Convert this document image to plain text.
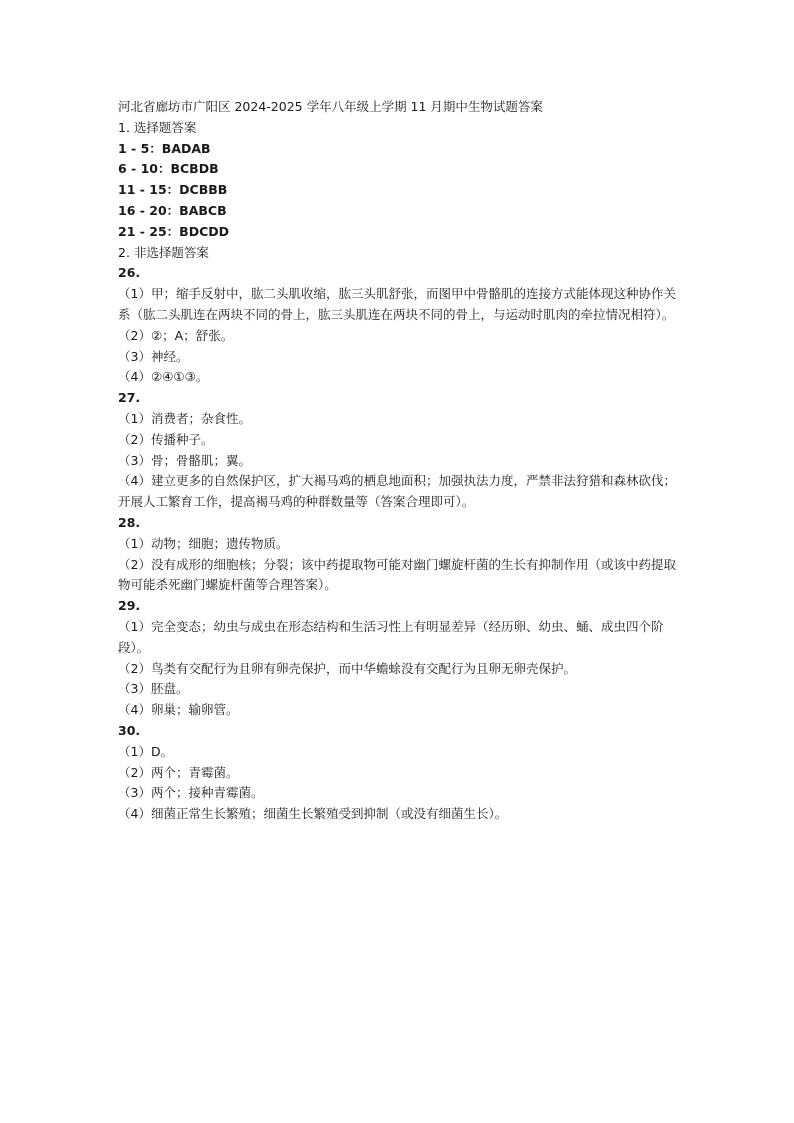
河北省廊坊市广阳区 2024-2025 学年八年级上学期 11 月期中生物试题答案
1. 选择题答案
1 - 5：BADAB
6 - 10：BCBDB
11 - 15：DCBBB
16 - 20：BABCB
21 - 25：BDCDD
2. 非选择题答案
26.
（1）甲；缩手反射中，肱二头肌收缩，肱三头肌舒张，而图甲中骨骼肌的连接方式能体现这种协作关系（肱二头肌连在两块不同的骨上，肱三头肌连在两块不同的骨上，与运动时肌肉的牵拉情况相符）。
（2）②；A；舒张。
（3）神经。
（4）②④①③。
27.
（1）消费者；杂食性。
（2）传播种子。
（3）骨；骨骼肌；翼。
（4）建立更多的自然保护区，扩大褐马鸡的栖息地面积；加强执法力度，严禁非法狩猎和森林砍伐；开展人工繁育工作，提高褐马鸡的种群数量等（答案合理即可）。
28.
（1）动物；细胞；遗传物质。
（2）没有成形的细胞核；分裂；该中药提取物可能对幽门螺旋杆菌的生长有抑制作用（或该中药提取物可能杀死幽门螺旋杆菌等合理答案）。
29.
（1）完全变态；幼虫与成虫在形态结构和生活习性上有明显差异（经历卵、幼虫、蛹、成虫四个阶段）。
（2）鸟类有交配行为且卵有卵壳保护，而中华蟾蜍没有交配行为且卵无卵壳保护。
（3）胚盘。
（4）卵巢；输卵管。
30.
（1）D。
（2）两个；青霉菌。
（3）两个；接种青霉菌。
（4）细菌正常生长繁殖；细菌生长繁殖受到抑制（或没有细菌生长）。
